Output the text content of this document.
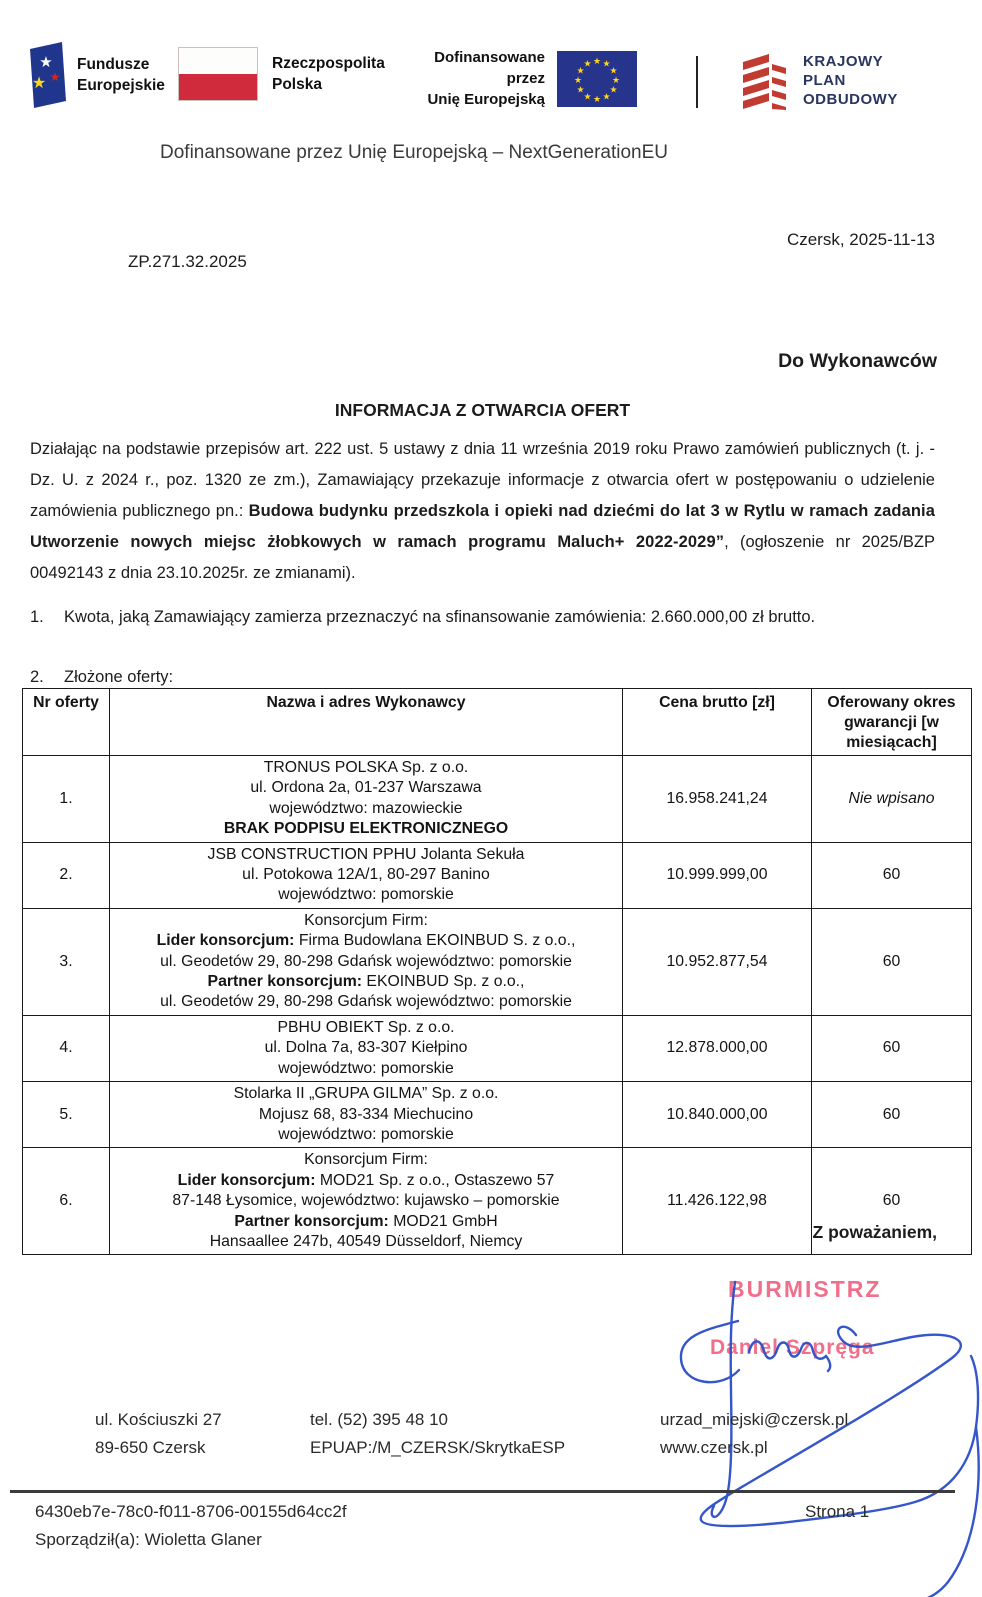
★
★ ★
Fundusze
Europejskie
Rzeczpospolita
Polska
Dofinansowane przez
Unię Europejską
★ ★
★
★
★
★
★
★
★
★
★
★	KRAJOWY
PLAN
ODBUDOWY
Dofinansowane przez Unię Europejską – NextGenerationEU
Czersk, 2025-11-13
ZP.271.32.2025
Do Wykonawców
INFORMACJA Z OTWARCIA OFERT
Działając na podstawie przepisów art. 222 ust. 5 ustawy z dnia 11 września 2019 roku Prawo zamówień publicznych (t. j. - Dz. U. z 2024 r., poz. 1320 ze zm.), Zamawiający przekazuje informacje z otwarcia ofert w postępowaniu o udzielenie zamówienia publicznego pn.: Budowa budynku przedszkola i opieki nad dziećmi do lat 3 w Rytlu w ramach zadania Utworzenie nowych miejsc żłobkowych w ramach programu Maluch+ 2022-2029”, (ogłoszenie nr 2025/BZP 00492143 z dnia 23.10.2025r. ze zmianami).
1.	Kwota, jaką Zamawiający zamierza przeznaczyć na sfinansowanie zamówienia: 2.660.000,00 zł brutto.
2.	Złożone oferty:
Nr oferty	Nazwa i adres Wykonawcy	Cena brutto [zł]	Oferowany okres gwarancji [w miesiącach]
1.	TRONUS POLSKA Sp. z o.o.
ul. Ordona 2a, 01-237 Warszawa
województwo: mazowieckie
BRAK PODPISU ELEKTRONICZNEGO	16.958.241,24	Nie wpisano
2.	JSB CONSTRUCTION PPHU Jolanta Sekuła
ul. Potokowa 12A/1, 80-297 Banino
województwo: pomorskie	10.999.999,00	60
3.	Konsorcjum Firm:
Lider konsorcjum: Firma Budowlana EKOINBUD S. z o.o.,
ul. Geodetów 29, 80-298 Gdańsk województwo: pomorskie
Partner konsorcjum: EKOINBUD Sp. z o.o.,
ul. Geodetów 29, 80-298 Gdańsk województwo: pomorskie	10.952.877,54	60
4.	PBHU OBIEKT Sp. z o.o.
ul. Dolna 7a, 83-307 Kiełpino
województwo: pomorskie	12.878.000,00	60
5.	Stolarka II „GRUPA GILMA” Sp. z o.o.
Mojusz 68, 83-334 Miechucino
województwo: pomorskie	10.840.000,00	60
6.	Konsorcjum Firm:
Lider konsorcjum: MOD21 Sp. z o.o., Ostaszewo 57
87-148 Łysomice, województwo: kujawsko – pomorskie
Partner konsorcjum: MOD21 GmbH
Hansaallee 247b, 40549 Düsseldorf, Niemcy	11.426.122,98	60
Z poważaniem,
BURMISTRZ
Daniel Szpręga
ul. Kościuszki 27
89-650 Czersk
tel. (52) 395 48 10
EPUAP:/M_CZERSK/SkrytkaESP
urzad_miejski@czersk.pl
www.czersk.pl
6430eb7e-78c0-f011-8706-00155d64cc2f	Strona 1
Sporządził(a): Wioletta Glaner
